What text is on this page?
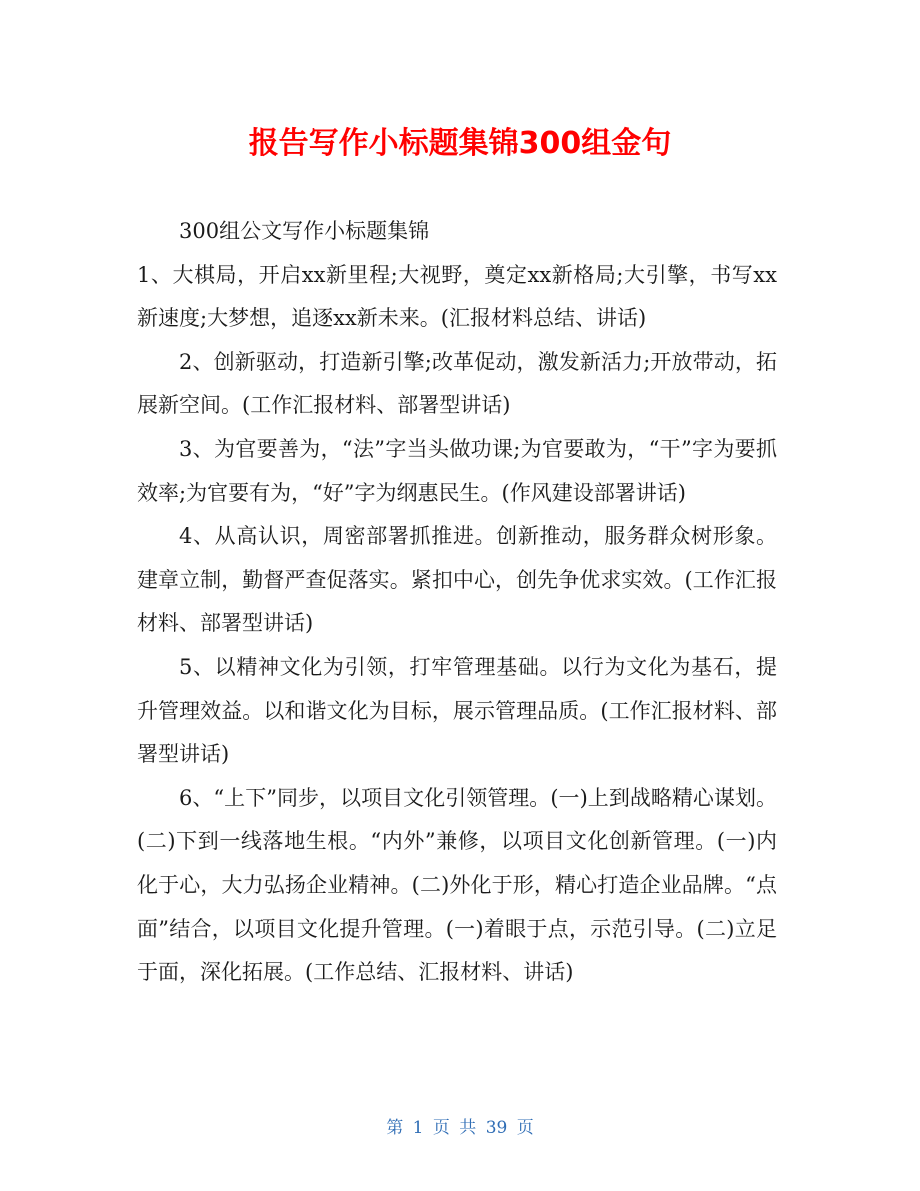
报告写作小标题集锦300组金句

300组公文写作小标题集锦

1、大棋局，开启xx新里程;大视野，奠定xx新格局;大引擎，书写xx新速度;大梦想，追逐xx新未来。(汇报材料总结、讲话)

2、创新驱动，打造新引擎;改革促动，激发新活力;开放带动，拓展新空间。(工作汇报材料、部署型讲话)

3、为官要善为，“法”字当头做功课;为官要敢为，“干”字为要抓效率;为官要有为，“好”字为纲惠民生。(作风建设部署讲话)

4、从高认识，周密部署抓推进。创新推动，服务群众树形象。建章立制，勤督严查促落实。紧扣中心，创先争优求实效。(工作汇报材料、部署型讲话)

5、以精神文化为引领，打牢管理基础。以行为文化为基石，提升管理效益。以和谐文化为目标，展示管理品质。(工作汇报材料、部署型讲话)

6、“上下”同步，以项目文化引领管理。(一)上到战略精心谋划。(二)下到一线落地生根。“内外”兼修，以项目文化创新管理。(一)内化于心，大力弘扬企业精神。(二)外化于形，精心打造企业品牌。“点面”结合，以项目文化提升管理。(一)着眼于点，示范引导。(二)立足于面，深化拓展。(工作总结、汇报材料、讲话)

第 1 页 共 39 页
